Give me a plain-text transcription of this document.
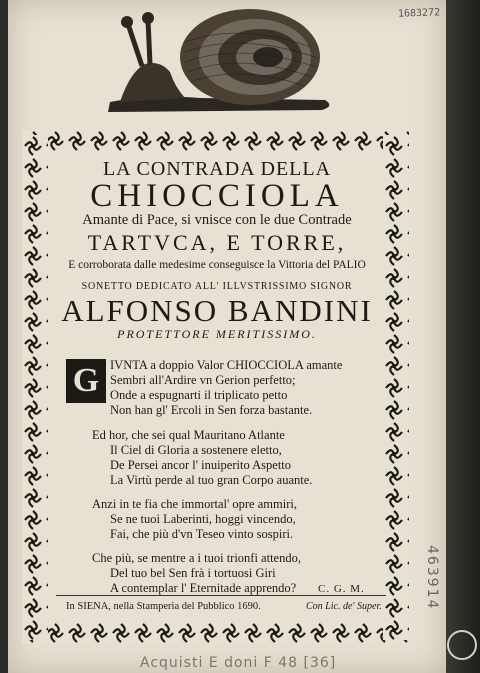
1683272
LA CONTRADA DELLA
CHIOCCIOLA
Amante di Pace, si vnisce con le due Contrade
TARTVCA, E TORRE,
E corroborata dalle medesime conseguisce la Vittoria del PALIO
SONETTO DEDICATO ALL' ILLVSTRISSIMO SIGNOR
ALFONSO BANDINI
PROTETTORE MERITISSIMO.
G IVNTA a doppio Valor CHIOCCIOLA amante
Sembri all'Ardire vn Gerion perfetto;
Onde a espugnarti il triplicato petto
Non han gl' Ercoli in Sen forza bastante.
Ed hor, che sei qual Mauritano Atlante
Il Ciel di Gloria a sostenere eletto,
De Persei ancor l' inuiperito Aspetto
La Virtù perde al tuo gran Corpo auante.
Anzi in te fia che immortal' opre ammiri,
Se ne tuoi Laberinti, hoggi vincendo,
Fai, che più d'vn Teseo vinto sospiri.
Che più, se mentre a i tuoi trionfi attendo,
Del tuo bel Sen frà i tortuosi Giri
A contemplar l' Eternitade apprendo? C. G. M.
In SIENA, nella Stamperia del Pubblico 1690.	Con Lic. de' Super.
Acquisti E doni F 48 [36]
463914
